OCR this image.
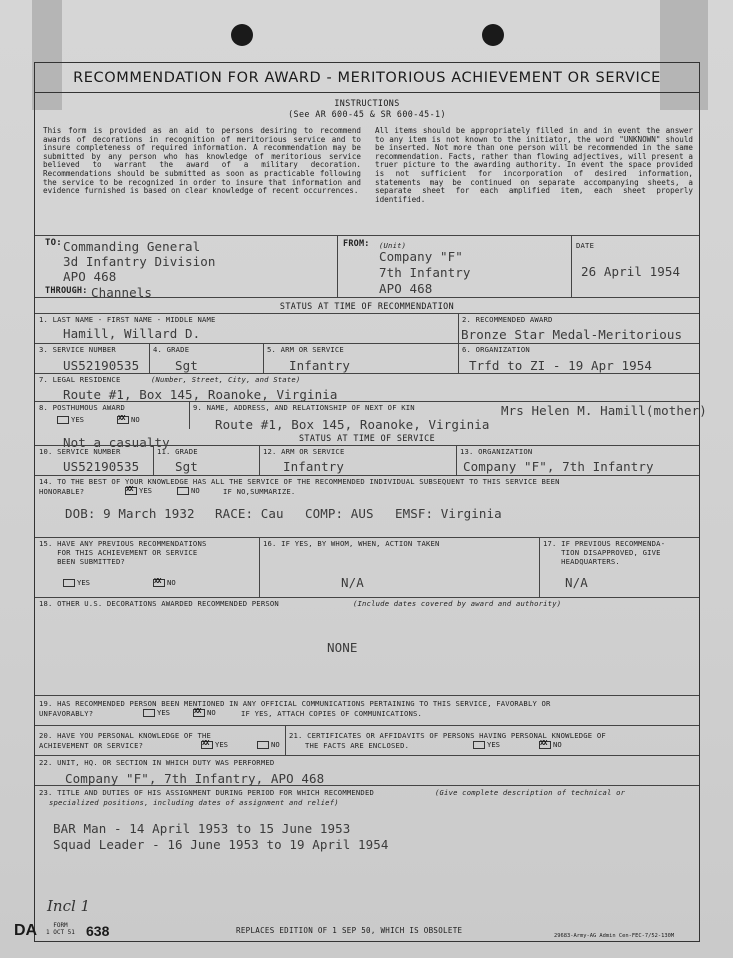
RECOMMENDATION FOR AWARD - MERITORIOUS ACHIEVEMENT OR SERVICE
INSTRUCTIONS
(See AR 600-45 & SR 600-45-1)
This form is provided as an aid to persons desiring to recommend awards of decorations in recognition of meritorious service and to insure completeness of required information. A recommendation may be submitted by any person who has knowledge of meritorious service believed to warrant the award of a military decoration. Recommendations should be submitted as soon as practicable following the service to be recognized in order to insure that information and evidence furnished is based on clear knowledge of recent occurrences.
All items should be appropriately filled in and in event the answer to any item is not known to the initiator, the word "UNKNOWN" should be inserted. Not more than one person will be recommended in the same recommendation. Facts, rather than flowing adjectives, will present a truer picture to the awarding authority. In event the space provided is not sufficient for incorporation of desired information, statements may be continued on separate accompanying sheets, a separate sheet for each amplified item, each sheet properly identified.
TO: Commanding General
3d Infantry Division
APO 468
THROUGH: Channels
FROM: (Unit)
Company "F"
7th Infantry
APO 468
DATE
26 April 1954
STATUS AT TIME OF RECOMMENDATION
1. LAST NAME - FIRST NAME - MIDDLE NAME
Hamill, Willard D.
2. RECOMMENDED AWARD
Bronze Star Medal-Meritorious
3. SERVICE NUMBER
US52190535
4. GRADE
Sgt
5. ARM OR SERVICE
Infantry
6. ORGANIZATION
Trfd to ZI - 19 Apr 1954
7. LEGAL RESIDENCE	(Number, Street, City, and State)
Route #1, Box 145, Roanoke, Virginia
8. POSTHUMOUS AWARD
YES XX	NO
9. NAME, ADDRESS, AND RELATIONSHIP OF NEXT OF KIN	Mrs Helen M. Hamill(mother)
Route #1, Box 145, Roanoke, Virginia
Not a casualty	STATUS AT TIME OF SERVICE
10. SERVICE NUMBER
US52190535
11. GRADE
Sgt
12. ARM OR SERVICE
Infantry
13. ORGANIZATION
Company "F", 7th Infantry
14. TO THE BEST OF YOUR KNOWLEDGE HAS ALL THE SERVICE OF THE RECOMMENDED INDIVIDUAL SUBSEQUENT TO THIS SERVICE BEEN
HONORABLE? XX	YES	NO	IF NO,SUMMARIZE.
DOB: 9 March 1932 RACE: Cau COMP: AUS EMSF: Virginia
15. HAVE ANY PREVIOUS RECOMMENDATIONS
FOR THIS ACHIEVEMENT OR SERVICE
BEEN SUBMITTED?
YES XX	NO
16. IF YES, BY WHOM, WHEN, ACTION TAKEN
N/A
17. IF PREVIOUS RECOMMENDA-
TION DISAPPROVED, GIVE
HEADQUARTERS.
N/A
18. OTHER U.S. DECORATIONS AWARDED RECOMMENDED PERSON	(Include dates covered by award and authority)
NONE
19. HAS RECOMMENDED PERSON BEEN MENTIONED IN ANY OFFICIAL COMMUNICATIONS PERTAINING TO THIS SERVICE, FAVORABLY OR
UNFAVORABLY?	YES XX	NO	IF YES, ATTACH COPIES OF COMMUNICATIONS.
20. HAVE YOU PERSONAL KNOWLEDGE OF THE
ACHIEVEMENT OR SERVICE? XX	YES	NO
21. CERTIFICATES OR AFFIDAVITS OF PERSONS HAVING PERSONAL KNOWLEDGE OF
THE FACTS ARE ENCLOSED.	YES XX	NO
22. UNIT, HQ. OR SECTION IN WHICH DUTY WAS PERFORMED
Company "F", 7th Infantry, APO 468
23. TITLE AND DUTIES OF HIS ASSIGNMENT DURING PERIOD FOR WHICH RECOMMENDED	(Give complete description of technical or
specialized positions, including dates of assignment and relief)
BAR Man - 14 April 1953 to 15 June 1953
Squad Leader - 16 June 1953 to 19 April 1954
Incl 1
DA	FORM
1 OCT 51 638	REPLACES EDITION OF 1 SEP 50, WHICH IS OBSOLETE
29683-Army-AG Admin Cen-FEC-7/52-130M
